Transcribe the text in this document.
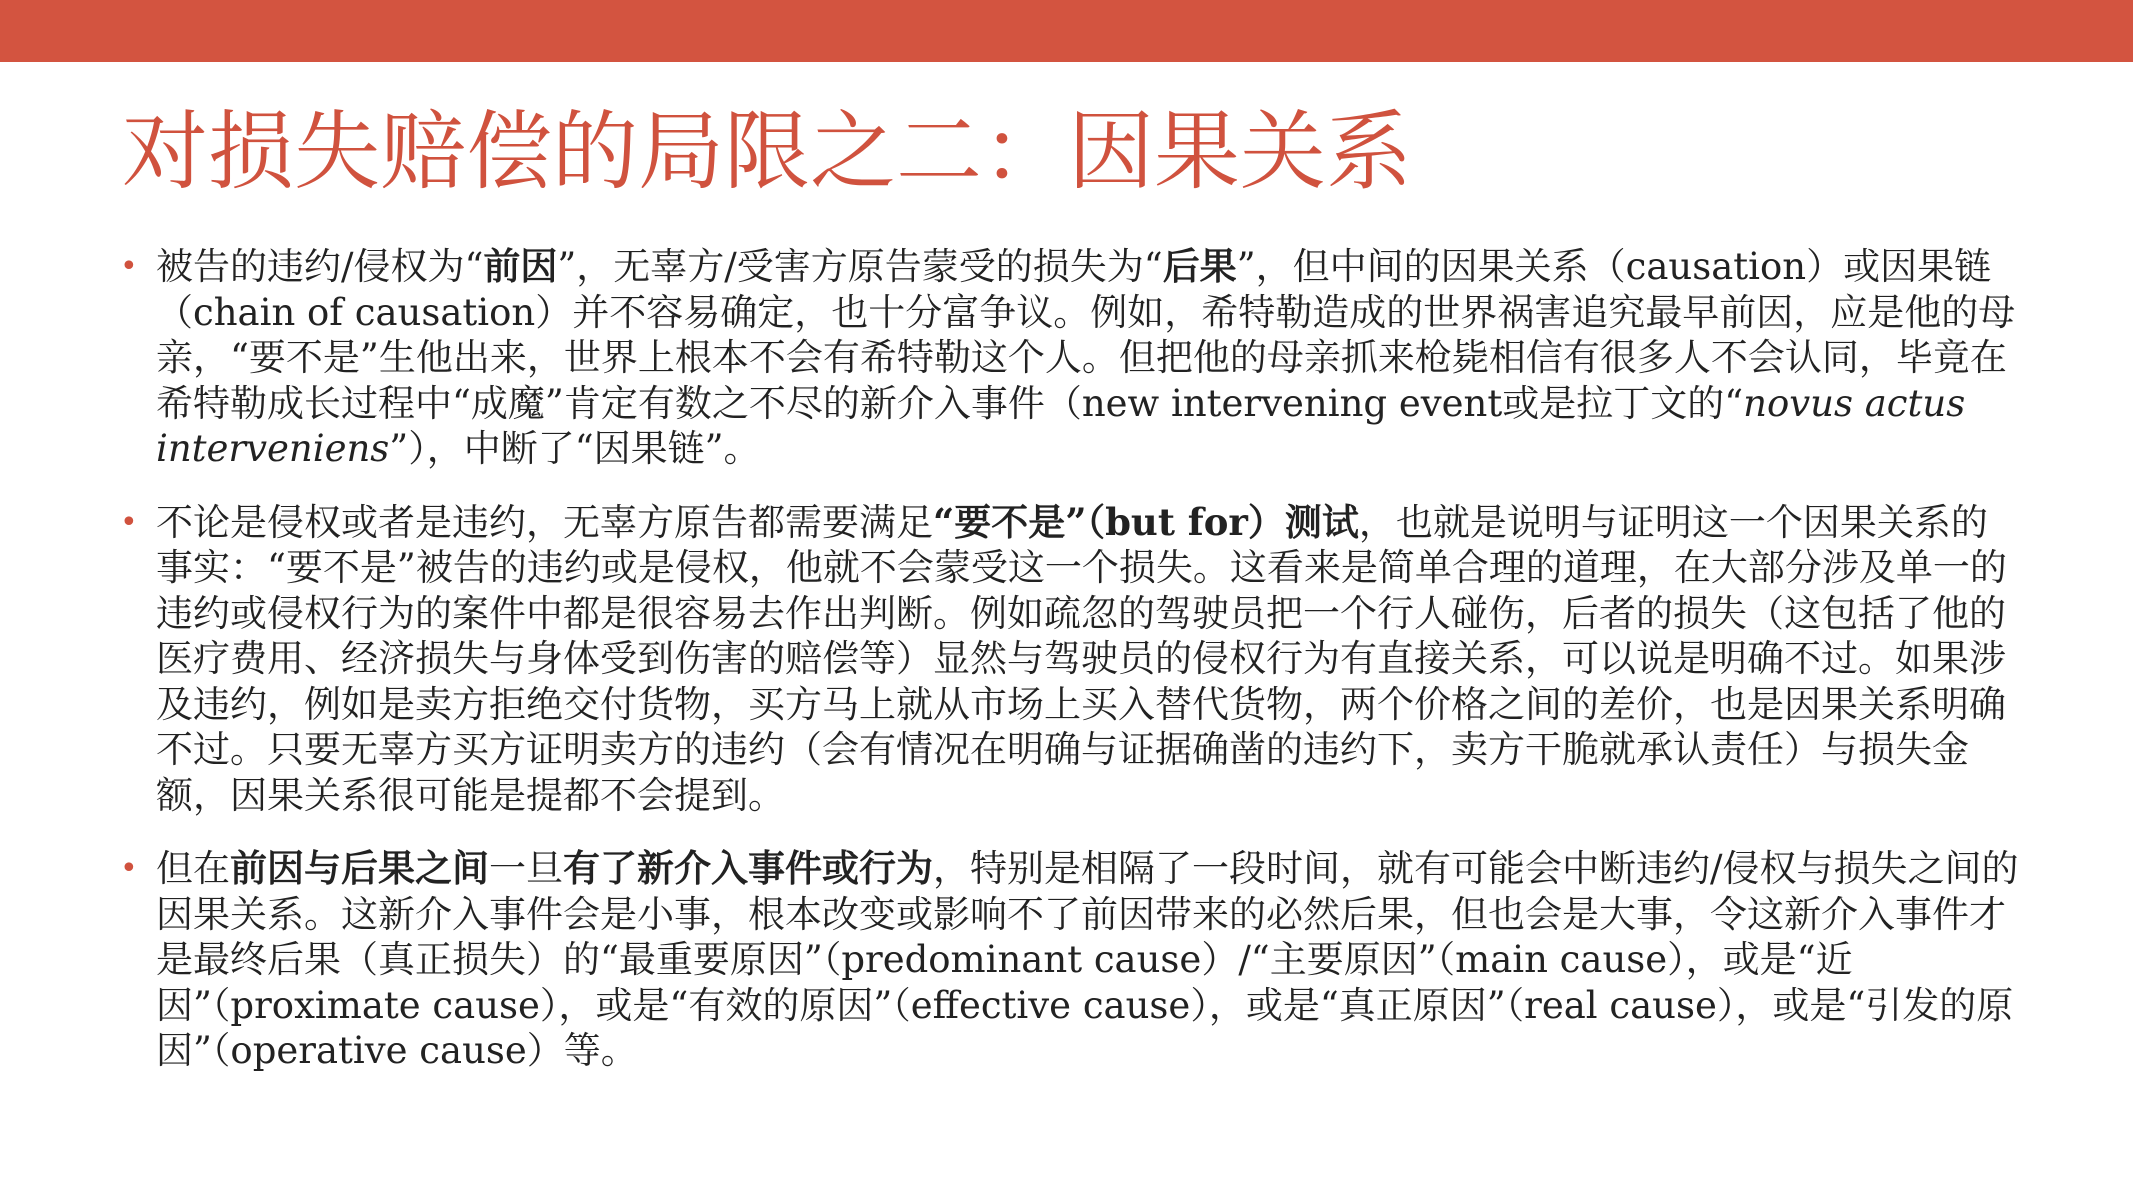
对损失赔偿的局限之二：因果关系
• 被告的违约/侵权为“前因”，无辜方/受害方原告蒙受的损失为“后果”，但中间的因果关系（causation）或因果链（chain of causation）并不容易确定，也十分富争议。例如，希特勒造成的世界祸害追究最早前因，应是他的母亲，“要不是”生他出来，世界上根本不会有希特勒这个人。但把他的母亲抓来枪毙相信有很多人不会认同，毕竟在希特勒成长过程中“成魔”肯定有数之不尽的新介入事件（new intervening event或是拉丁文的“novus actus interveniens”），中断了“因果链”。
• 不论是侵权或者是违约，无辜方原告都需要满足“要不是”（but for）测试，也就是说明与证明这一个因果关系的事实：“要不是”被告的违约或是侵权，他就不会蒙受这一个损失。这看来是简单合理的道理，在大部分涉及单一的违约或侵权行为的案件中都是很容易去作出判断。例如疏忽的驾驶员把一个行人碰伤，后者的损失（这包括了他的医疗费用、经济损失与身体受到伤害的赔偿等）显然与驾驶员的侵权行为有直接关系，可以说是明确不过。如果涉及违约，例如是卖方拒绝交付货物，买方马上就从市场上买入替代货物，两个价格之间的差价，也是因果关系明确不过。只要无辜方买方证明卖方的违约（会有情况在明确与证据确凿的违约下，卖方干脆就承认责任）与损失金额，因果关系很可能是提都不会提到。
• 但在前因与后果之间一旦有了新介入事件或行为，特别是相隔了一段时间，就有可能会中断违约/侵权与损失之间的因果关系。这新介入事件会是小事，根本改变或影响不了前因带来的必然后果，但也会是大事，令这新介入事件才是最终后果（真正损失）的“最重要原因”（predominant cause）/“主要原因”（main cause），或是“近因”（proximate cause），或是“有效的原因”（effective cause），或是“真正原因”（real cause），或是“引发的原因”（operative cause）等。
